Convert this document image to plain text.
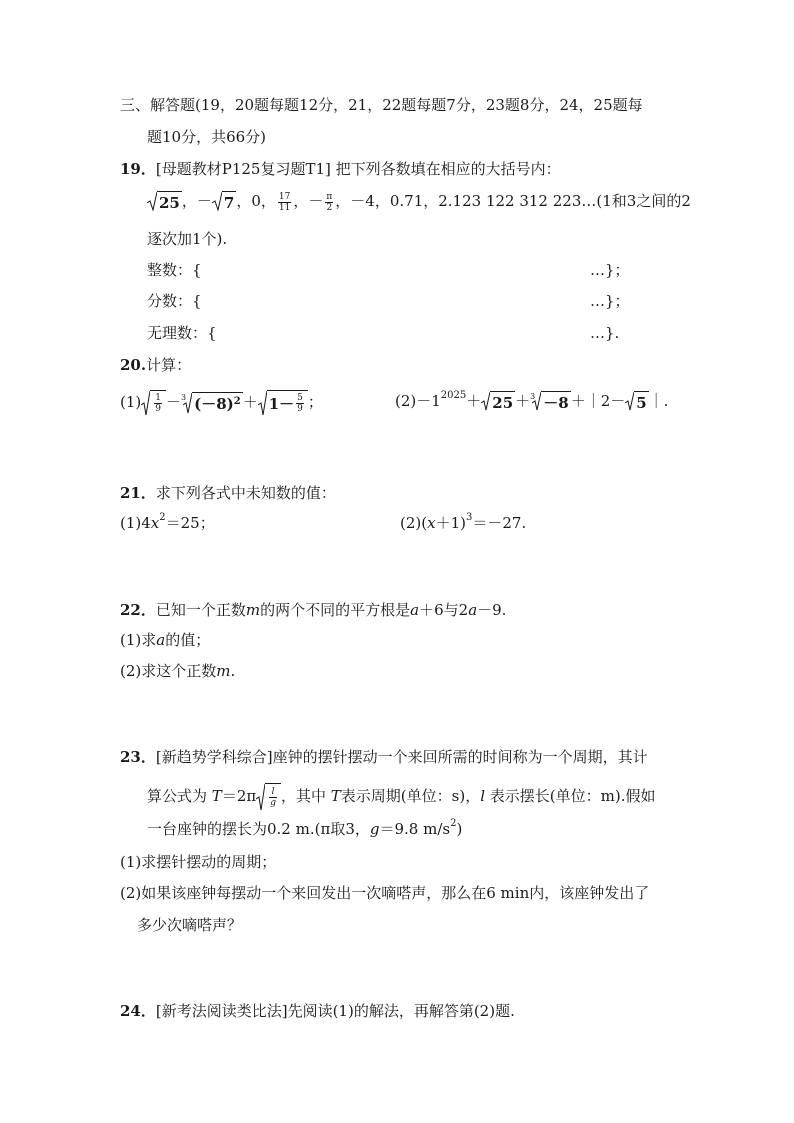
三、解答题(19，20题每题12分，21，22题每题7分，23题8分，24，25题每
题10分，共66分)
19．[母题教材P125复习题T1] 把下列各数填在相应的大括号内：
25 ，－ 7 ，0， $\frac{17}{11}$ ，－ $\frac{\pi}{2}$ ，－4，0.71，2.123 122 312 223…(1和3之间的2
逐次加1个).
整数：{	…}；
分数：{	…}；
无理数：{	…}.
20.计算：
$(1) \frac{1}{9} -^3$ $(-8)^2 + 1- \frac{5}{9}$ ；	$(2)-1^{2025}+ 25 +^3 -8$ ＋｜2－ 5 ｜.
21．求下列各式中未知数的值：
$(1)4x^2=25$；	$(2)(x+1)^3=-27$.
22．已知一个正数m的两个不同的平方根是a＋6与2a－9.
(1)求a的值；
(2)求这个正数m.
23．[新趋势学科综合]座钟的摆针摆动一个来回所需的时间称为一个周期，其计
算公式为 $T=2\pi \frac{l}{g}$ ，其中 T表示周期(单位：s)，l 表示摆长(单位：m).假如
一台座钟的摆长为0.2 m.(π取3，g＝9.8 $m/s^2$)
(1)求摆针摆动的周期；
(2)如果该座钟每摆动一个来回发出一次嘀嗒声，那么在6 min内，该座钟发出了
多少次嘀嗒声？
24．[新考法阅读类比法]先阅读(1)的解法，再解答第(2)题.
